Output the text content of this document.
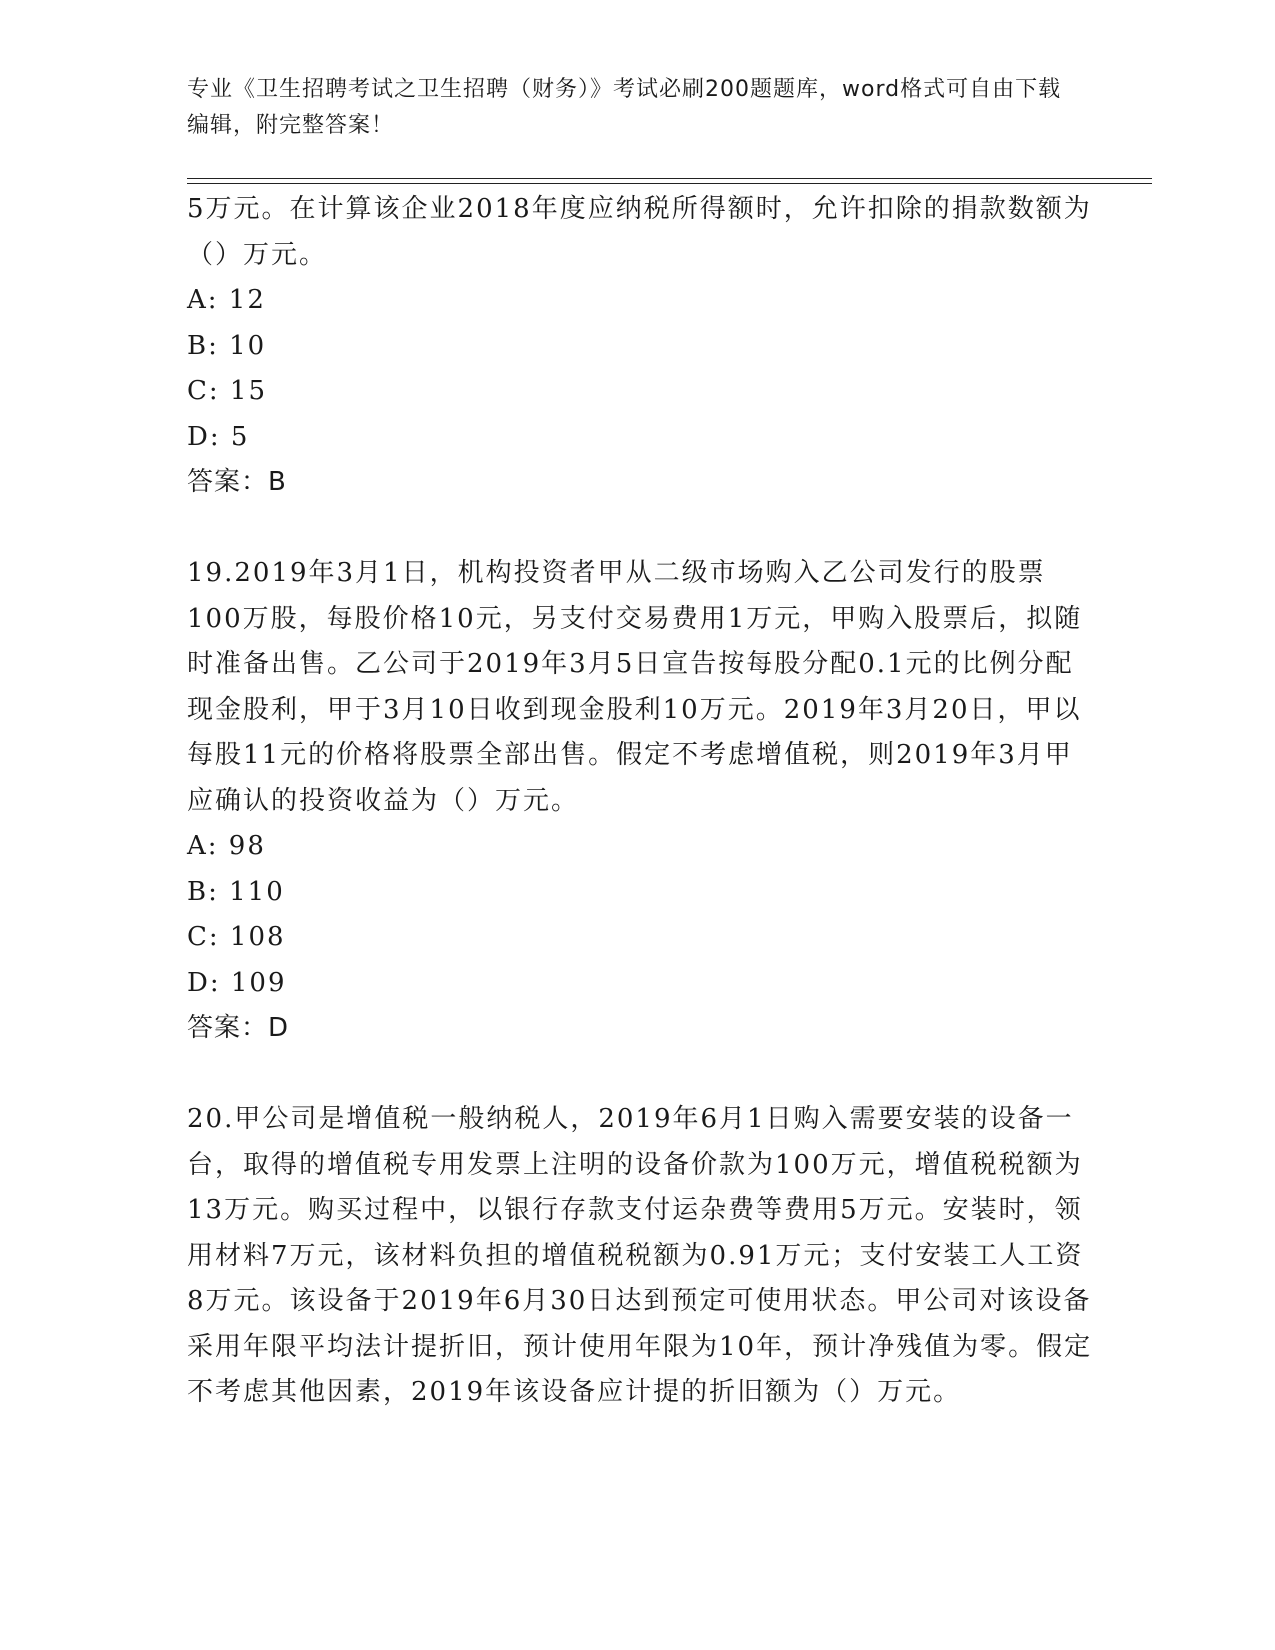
专业《卫生招聘考试之卫生招聘（财务）》考试必刷200题题库，word格式可自由下载编辑，附完整答案！

5万元。在计算该企业2018年度应纳税所得额时，允许扣除的捐款数额为（）万元。

A: 12
B: 10
C: 15
D: 5

答案：B

19.2019年3月1日，机构投资者甲从二级市场购入乙公司发行的股票100万股，每股价格10元，另支付交易费用1万元，甲购入股票后，拟随时准备出售。乙公司于2019年3月5日宣告按每股分配0.1元的比例分配现金股利，甲于3月10日收到现金股利10万元。2019年3月20日，甲以每股11元的价格将股票全部出售。假定不考虑增值税，则2019年3月甲应确认的投资收益为（）万元。

A: 98
B: 110
C: 108
D: 109

答案：D

20.甲公司是增值税一般纳税人，2019年6月1日购入需要安装的设备一台，取得的增值税专用发票上注明的设备价款为100万元，增值税税额为13万元。购买过程中，以银行存款支付运杂费等费用5万元。安装时，领用材料7万元，该材料负担的增值税税额为0.91万元；支付安装工人工资8万元。该设备于2019年6月30日达到预定可使用状态。甲公司对该设备采用年限平均法计提折旧，预计使用年限为10年，预计净残值为零。假定不考虑其他因素，2019年该设备应计提的折旧额为（）万元。
